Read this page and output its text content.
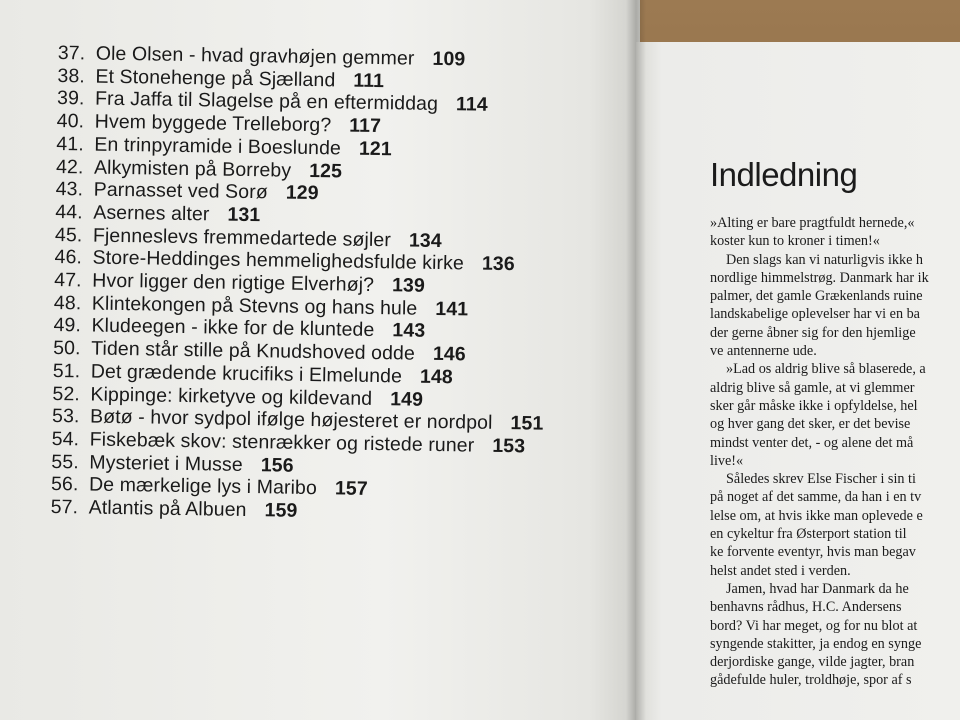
37. Ole Olsen - hvad gravhøjen gemmer 109
38. Et Stonehenge på Sjælland 111
39. Fra Jaffa til Slagelse på en eftermiddag 114
40. Hvem byggede Trelleborg? 117
41. En trinpyramide i Boeslunde 121
42. Alkymisten på Borreby 125
43. Parnasset ved Sorø 129
44. Asernes alter 131
45. Fjenneslevs fremmedartede søjler 134
46. Store-Heddinges hemmelighedsfulde kirke 136
47. Hvor ligger den rigtige Elverhøj? 139
48. Klintekongen på Stevns og hans hule 141
49. Kludeegen - ikke for de kluntede 143
50. Tiden står stille på Knudshoved odde 146
51. Det grædende krucifiks i Elmelunde 148
52. Kippinge: kirketyve og kildevand 149
53. Bøtø - hvor sydpol ifølge højesteret er nordpol 151
54. Fiskebæk skov: stenrækker og ristede runer 153
55. Mysteriet i Musse 156
56. De mærkelige lys i Maribo 157
57. Atlantis på Albuen 159
Indledning
»Alting er bare pragtfuldt hernede,«
koster kun to kroner i timen!«
Den slags kan vi naturligvis ikke h
nordlige himmelstrøg. Danmark har ik
palmer, det gamle Grækenlands ruine
landskabelige oplevelser har vi en ba
der gerne åbner sig for den hjemlige
ve antennerne ude.
»Lad os aldrig blive så blaserede, a
aldrig blive så gamle, at vi glemmer
sker går måske ikke i opfyldelse, hel
og hver gang det sker, er det bevise
mindst venter det, - og alene det må
live!«
Således skrev Else Fischer i sin ti
på noget af det samme, da han i en tv
lelse om, at hvis ikke man oplevede e
en cykeltur fra Østerport station til
ke forvente eventyr, hvis man begav
helst andet sted i verden.
Jamen, hvad har Danmark da he
benhavns rådhus, H.C. Andersens
bord? Vi har meget, og for nu blot at
syngende stakitter, ja endog en synge
derjordiske gange, vilde jagter, bran
gådefulde huler, troldhøje, spor af s
